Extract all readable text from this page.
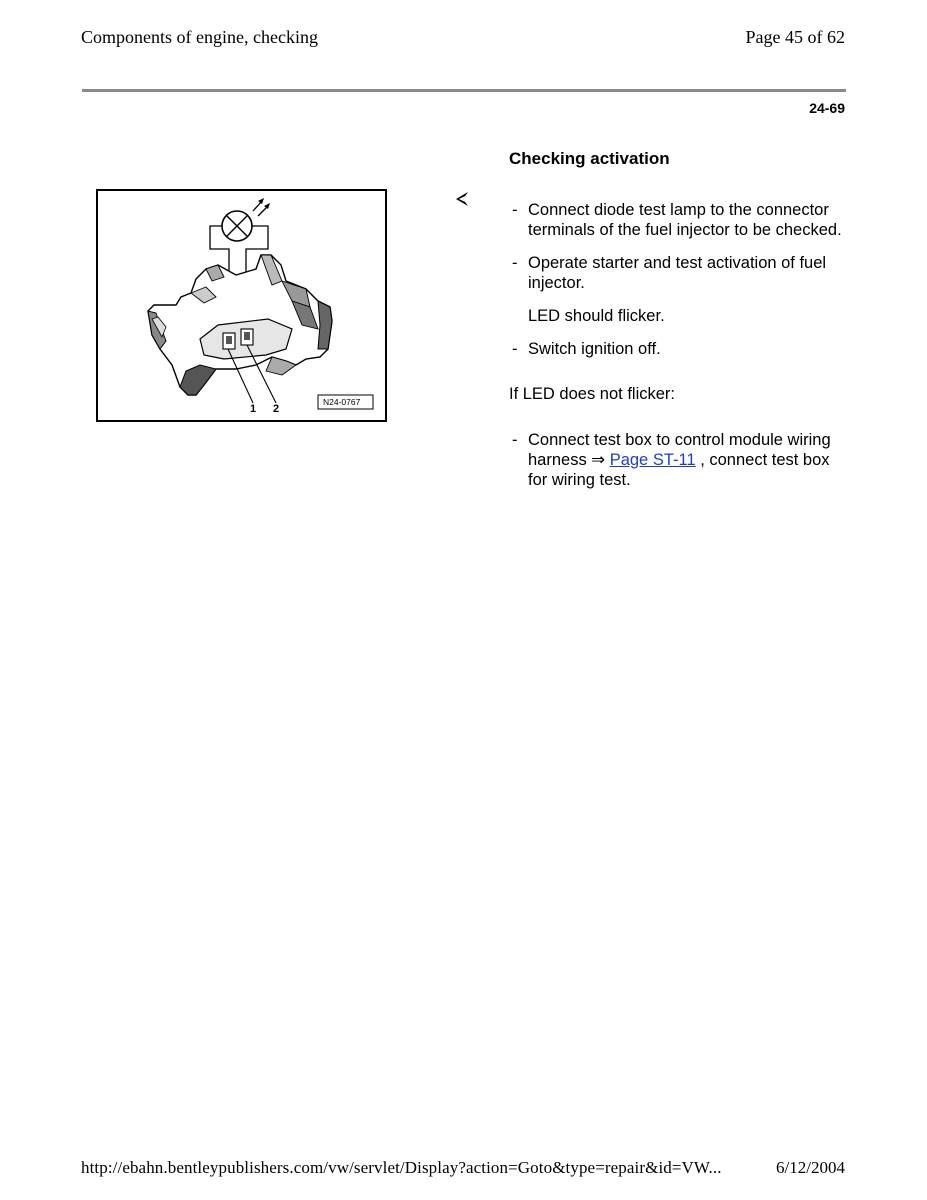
Components of engine, checking	Page 45 of 62
24-69
1 2
N24-0767
Checking activation
- Connect diode test lamp to the connector terminals of the fuel injector to be checked.
- Operate starter and test activation of fuel injector.
LED should flicker.
- Switch ignition off.
If LED does not flicker:
- Connect test box to control module wiring harness ⇒ Page ST-11 , connect test box for wiring test.
http://ebahn.bentleypublishers.com/vw/servlet/Display?action=Goto&type=repair&id=VW...	6/12/2004
